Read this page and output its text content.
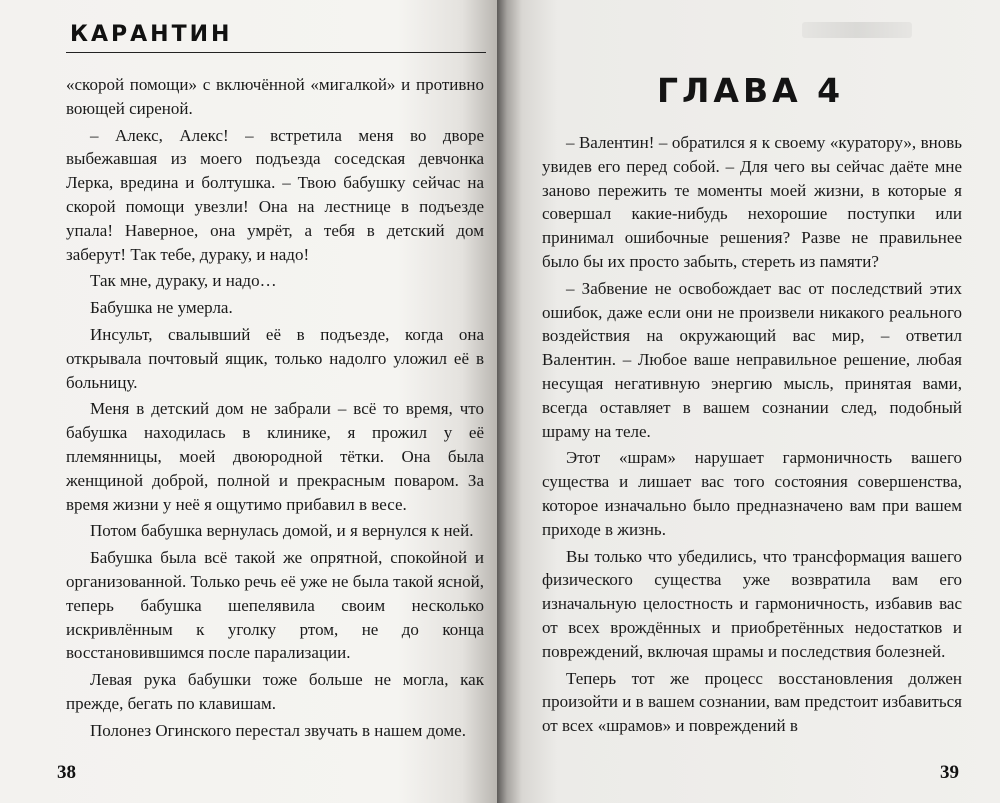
КАРАНТИН

«скорой помощи» с включённой «мигалкой» и противно воющей сиреной.

– Алекс, Алекс! – встретила меня во дворе выбежавшая из моего подъезда соседская девчонка Лерка, вредина и болтушка. – Твою бабушку сейчас на скорой помощи увезли! Она на лестнице в подъезде упала! Наверное, она умрёт, а тебя в детский дом заберут! Так тебе, дураку, и надо!

Так мне, дураку, и надо…

Бабушка не умерла.

Инсульт, свалывший её в подъезде, когда она открывала почтовый ящик, только надолго уложил её в больницу.

Меня в детский дом не забрали – всё то время, что бабушка находилась в клинике, я прожил у её племянницы, моей двоюродной тётки. Она была женщиной доброй, полной и прекрасным поваром. За время жизни у неё я ощутимо прибавил в весе.

Потом бабушка вернулась домой, и я вернулся к ней.

Бабушка была всё такой же опрятной, спокойной и организованной. Только речь её уже не была такой ясной, теперь бабушка шепелявила своим несколько искривлённым к уголку ртом, не до конца восстановившимся после парализации.

Левая рука бабушки тоже больше не могла, как прежде, бегать по клавишам.

Полонез Огинского перестал звучать в нашем доме.

38
ГЛАВА 4

– Валентин! – обратился я к своему «куратору», вновь увидев его перед собой. – Для чего вы сейчас даёте мне заново пережить те моменты моей жизни, в которые я совершал какие-нибудь нехорошие поступки или принимал ошибочные решения? Разве не правильнее было бы их просто забыть, стереть из памяти?

– Забвение не освобождает вас от последствий этих ошибок, даже если они не произвели никакого реального воздействия на окружающий вас мир, – ответил Валентин. – Любое ваше неправильное решение, любая несущая негативную энергию мысль, принятая вами, всегда оставляет в вашем сознании след, подобный шраму на теле.

Этот «шрам» нарушает гармоничность вашего существа и лишает вас того состояния совершенства, которое изначально было предназначено вам при вашем приходе в жизнь.

Вы только что убедились, что трансформация вашего физического существа уже возвратила вам его изначальную целостность и гармоничность, избавив вас от всех врождённых и приобретённых недостатков и повреждений, включая шрамы и последствия болезней.

Теперь тот же процесс восстановления должен произойти и в вашем сознании, вам предстоит избавиться от всех «шрамов» и повреждений в

39
